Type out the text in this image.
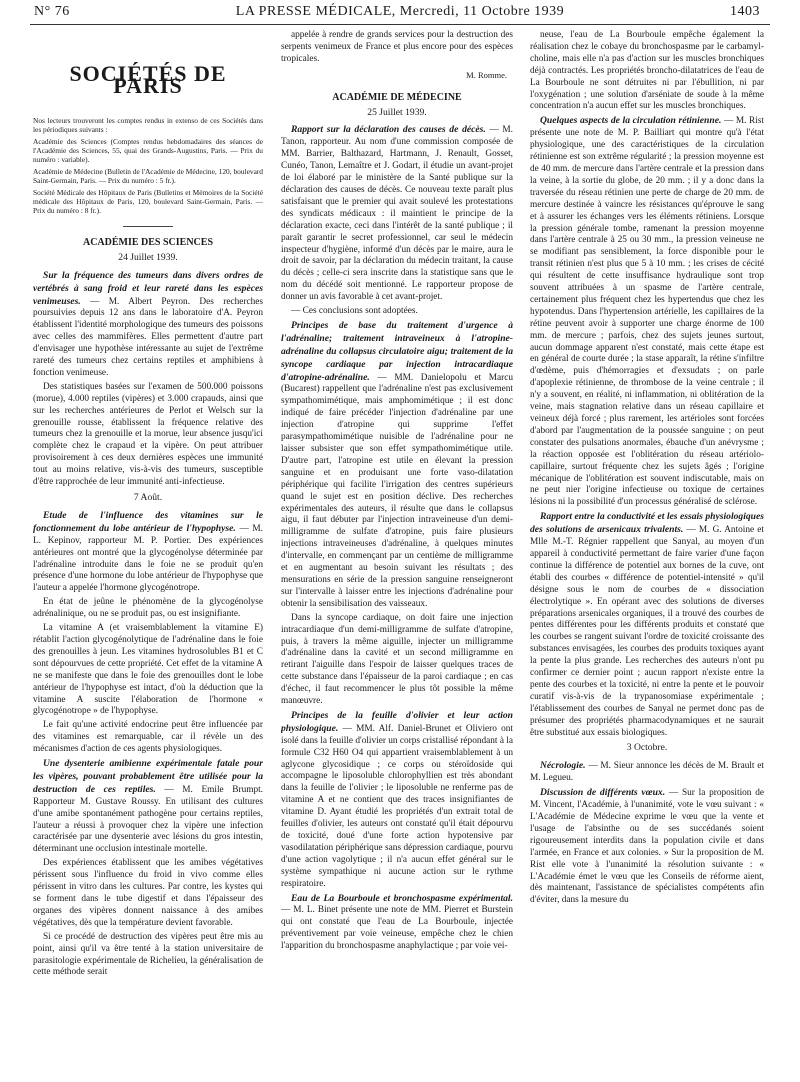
N° 76	LA PRESSE MÉDICALE, Mercredi, 11 Octobre 1939	1403
SOCIÉTÉS DE PARIS

Nos lecteurs trouveront les comptes rendus in extenso de ces Sociétés dans les périodiques suivants :

Académie des Sciences (Comptes rendus hebdomadaires des séances de l'Académie des Sciences, 55, quai des Grands-Augustins, Paris. — Prix du numéro : variable).

Académie de Médecine (Bulletin de l'Académie de Médecine, 120, boulevard Saint-Germain, Paris. — Prix du numéro : 5 fr.).

Société Médicale des Hôpitaux de Paris (Bulletins et Mémoires de la Société médicale des Hôpitaux de Paris, 120, boulevard Saint-Germain, Paris. — Prix du numéro : 8 fr.).

ACADÉMIE DES SCIENCES
24 Juillet 1939.

Sur la fréquence des tumeurs dans divers ordres de vertébrés à sang froid et leur rareté dans les espèces venimeuses. — M. Albert Peyron. Des recherches poursuivies depuis 12 ans dans le laboratoire d'A. Peyron établissent l'identité morphologique des tumeurs des poissons avec celles des mammifères. Elles permettent d'autre part d'envisager une hypothèse intéressante au sujet de l'extrême rareté des tumeurs chez certains reptiles et amphibiens à fonction venimeuse.

Des statistiques basées sur l'examen de 500.000 poissons (morue), 4.000 reptiles (vipères) et 3.000 crapauds, ainsi que sur les recherches antérieures de Perlot et Welsch sur la grenouille rousse, établissent la fréquence relative des tumeurs chez la grenouille et la morue, leur absence jusqu'ici complète chez le crapaud et la vipère. On peut attribuer provisoirement à ces deux dernières espèces une immunité tout au moins relative, vis-à-vis des tumeurs, susceptible d'être rapprochée de leur immunité anti-infectieuse.

7 Août.

Etude de l'influence des vitamines sur le fonctionnement du lobe antérieur de l'hypophyse. — M. L. Kepinov, rapporteur M. P. Portier. Des expériences antérieures ont montré que la glycogénolyse déterminée par l'adrénaline introduite dans le foie ne se produit qu'en présence d'une hormone du lobe antérieur de l'hypophyse que l'auteur a appelée l'hormone glycogénotrope.

En état de jeûne le phénomène de la glycogénolyse adrénalinique, ou ne se produit pas, ou est insignifiante.

La vitamine A (et vraisemblablement la vitamine E) rétablit l'action glycogénolytique de l'adrénaline dans le foie des grenouilles à jeun. Les vitamines hydrosolubles B1 et C sont dépourvues de cette propriété. Cet effet de la vitamine A ne se manifeste que dans le foie des grenouilles dont le lobe antérieur de l'hypophyse est intact, d'où la déduction que la vitamine A suscite l'élaboration de l'hormone « glycogénotrope » de l'hypophyse.

Le fait qu'une activité endocrine peut être influencée par des vitamines est remarquable, car il révèle un des mécanismes d'action de ces agents physiologiques.

Une dysenterie amibienne expérimentale fatale pour les vipères, pouvant probablement être utilisée pour la destruction de ces reptiles. — M. Emile Brumpt. Rapporteur M. Gustave Roussy. En utilisant des cultures d'une amibe spontanément pathogène pour certains reptiles, l'auteur a réussi à provoquer chez la vipère une infection caractérisée par une dysenterie avec lésions du gros intestin, déterminant une occlusion intestinale mortelle.

Des expériences établissent que les amibes végétatives périssent sous l'influence du froid in vivo comme elles périssent in vitro dans les cultures. Par contre, les kystes qui se forment dans le tube digestif et dans l'épaisseur des organes des vipères donnent naissance à des amibes végétatives, dès que la température devient favorable.

Si ce procédé de destruction des vipères peut être mis au point, ainsi qu'il va être tenté à la station universitaire de parasitologie expérimentale de Richelieu, la généralisation de cette méthode serait

appelée à rendre de grands services pour la destruction des serpents venimeux de France et plus encore pour des espèces tropicales.

M. Romme.
ACADÉMIE DE MÉDECINE
25 Juillet 1939.

Rapport sur la déclaration des causes de décès. — M. Tanon, rapporteur. Au nom d'une commission composée de MM. Barrier, Balthazard, Hartmann, J. Renault, Gosset, Cunéo, Tanon, Lemaître et J. Godart, il étudie un avant-projet de loi élaboré par le ministère de la Santé publique sur la déclaration des causes de décès. Ce nouveau texte paraît plus satisfaisant que le premier qui avait soulevé les protestations des syndicats médicaux : il maintient le principe de la déclaration exacte, ceci dans l'intérêt de la santé publique ; il paraît garantir le secret professionnel, car seul le médecin inspecteur d'hygiène, informé d'un décès par le maire, aura le droit de savoir, par la déclaration du médecin traitant, la cause du décès ; celle-ci sera inscrite dans la statistique sans que le nom du décédé soit mentionné. Le rapporteur propose de donner un avis favorable à cet avant-projet.

— Ces conclusions sont adoptées.

Principes de base du traitement d'urgence à l'adrénaline; traitement intraveineux à l'atropine-adrénaline du collapsus circulatoire aigu; traitement de la syncope cardiaque par injection intracardiaque d'atropine-adrénaline. — MM. Danielopolu et Marcu (Bucarest) rappellent que l'adrénaline n'est pas exclusivement sympathomimétique, mais amphomimétique ; il est donc indiqué de faire précéder l'injection d'adrénaline par une injection d'atropine qui supprime l'effet parasympathomimétique nuisible de l'adrénaline pour ne laisser subsister que son effet sympathomimétique utile. D'autre part, l'atropine est utile en élevant la pression sanguine et en produisant une forte vaso-dilatation périphérique qui facilite l'irrigation des centres supérieurs quand le sujet est en position déclive. Des recherches expérimentales des auteurs, il résulte que dans le collapsus aigu, il faut débuter par l'injection intraveineuse d'un demi-milligramme de sulfate d'atropine, puis faire plusieurs injections intraveineuses d'adrénaline, à quelques minutes d'intervalle, en commençant par un centième de milligramme et en augmentant au besoin suivant les résultats ; des mensurations en série de la pression sanguine renseigneront sur l'intervalle à laisser entre les injections d'adrénaline pour obtenir la sensibilisation des vaisseaux.

Dans la syncope cardiaque, on doit faire une injection intracardiaque d'un demi-milligramme de sulfate d'atropine, puis, à travers la même aiguille, injecter un milligramme d'adrénaline dans la cavité et un second milligramme en retirant l'aiguille dans l'espoir de laisser quelques traces de cette substance dans l'épaisseur de la paroi cardiaque ; en cas d'échec, il faut recommencer le plus tôt possible la même manœuvre.

Principes de la feuille d'olivier et leur action physiologique. — MM. Alf. Daniel-Brunet et Oliviero ont isolé dans la feuille d'olivier un corps cristallisé répondant à la formule C32 H60 O4 qui appartient vraisemblablement à un aglycone glycosidique ; ce corps ou stéroïdoside qui accompagne le liposoluble chlorophyllien est très abondant dans la feuille de l'olivier ; le liposoluble ne renferme pas de vitamine A et ne contient que des traces insignifiantes de vitamine D. Ayant étudié les propriétés d'un extrait total de feuilles d'olivier, les auteurs ont constaté qu'il était dépourvu de toxicité, doué d'une forte action hypotensive par vasodilatation périphérique sans dépression cardiaque, pourvu d'une action vagolytique ; il n'a aucun effet général sur le système sympathique ni aucune action sur le rythme respiratoire.

Eau de La Bourboule et bronchospasme expérimental. — M. L. Binet présente une note de MM. Pierret et Burstein qui ont constaté que l'eau de La Bourboule, injectée préventivement par voie veineuse, empêche chez le chien l'apparition du bronchospasme anaphylactique ; par voie vei-

neuse, l'eau de La Bourboule empêche également la réalisation chez le cobaye du bronchospasme par le carbamyl-choline, mais elle n'a pas d'action sur les muscles bronchiques déjà contractés. Les propriétés broncho-dilatatrices de l'eau de La Bourboule ne sont détruites ni par l'ébullition, ni par l'oxygénation ; une solution d'arséniate de soude à la même concentration n'a aucun effet sur les muscles bronchiques.

Quelques aspects de la circulation rétinienne. — M. Rist présente une note de M. P. Bailliart qui montre qu'à l'état physiologique, une des caractéristiques de la circulation rétinienne est son extrême régularité ; la pression moyenne est de 40 mm. de mercure dans l'artère centrale et la pression dans la veine, à la sortie du globe, de 20 mm. ; il y a donc dans la traversée du réseau rétinien une perte de charge de 20 mm. de mercure destinée à vaincre les résistances qu'éprouve le sang et à assurer les échanges vers les éléments rétiniens. Lorsque la pression générale tombe, ramenant la pression moyenne dans l'artère centrale à 25 ou 30 mm., la pression veineuse ne se modifiant pas sensiblement, la force disponible pour le transit rétinien n'est plus que 5 à 10 mm. ; les crises de cécité qui résultent de cette insuffisance hydraulique sont trop souvent attribuées à un spasme de l'artère centrale, certainement plus fréquent chez les hypertendus que chez les hypotendus. Dans l'hypertension artérielle, les capillaires de la rétine peuvent avoir à supporter une charge énorme de 100 mm. de mercure ; parfois, chez des sujets jeunes surtout, aucun dommage apparent n'est constaté, mais cette étape est en général de courte durée ; la stase apparaît, la rétine s'infiltre d'œdème, puis d'hémorragies et d'exsudats ; on parle d'apoplexie rétinienne, de thrombose de la veine centrale ; il n'y a souvent, en réalité, ni inflammation, ni oblitération de la veine, mais stagnation relative dans un réseau capillaire et veineux déjà forcé ; plus rarement, les artérioles sont forcées d'abord par l'augmentation de la poussée sanguine ; on peut constater des pulsations anormales, ébauche d'un anévrysme ; la réaction opposée est l'oblitération du réseau artériolo-capillaire, surtout fréquente chez les sujets âgés ; l'origine mécanique de l'oblitération est souvent indiscutable, mais on ne peut nier l'origine infectieuse ou toxique de certaines lésions ni la possibilité d'un processus généralisé de sclérose.

Rapport entre la conductivité et les essais physiologiques des solutions de arsenicaux trivalents. — M. G. Antoine et Mlle M.-T. Régnier rappellent que Sanyal, au moyen d'un appareil à conductivité permettant de faire varier d'une façon continue la différence de potentiel aux bornes de la cuve, ont établi des courbes « différence de potentiel-intensité » qu'il désigne sous le nom de courbes de « dissociation électrolytique ». En opérant avec des solutions de diverses préparations arsenicales organiques, il a trouvé des courbes de pentes différentes pour les différents produits et constaté que les courbes se rangent suivant l'ordre de toxicité croissante des substances envisagées, les courbes des produits toxiques ayant la pente la plus grande. Les recherches des auteurs n'ont pu confirmer ce dernier point ; aucun rapport n'existe entre la pente des courbes et la toxicité, ni entre la pente et le pouvoir curatif vis-à-vis de la trypanosomiase expérimentale ; l'établissement des courbes de Sanyal ne permet donc pas de présumer des propriétés pharmacodynamiques et ne saurait être substitué aux essais biologiques.

3 Octobre.

Nécrologie. — M. Sieur annonce les décès de M. Brault et M. Legueu.

Discussion de différents vœux. — Sur la proposition de M. Vincent, l'Académie, à l'unanimité, vote le vœu suivant : « L'Académie de Médecine exprime le vœu que la vente et l'usage de l'absinthe ou de ses succédanés soient rigoureusement interdits dans la population civile et dans l'armée, en France et aux colonies. » Sur la proposition de M. Rist elle vote à l'unanimité la résolution suivante : « L'Académie émet le vœu que les Conseils de réforme aient, dès maintenant, l'assistance de spécialistes compétents afin d'éviter, dans la mesure du
